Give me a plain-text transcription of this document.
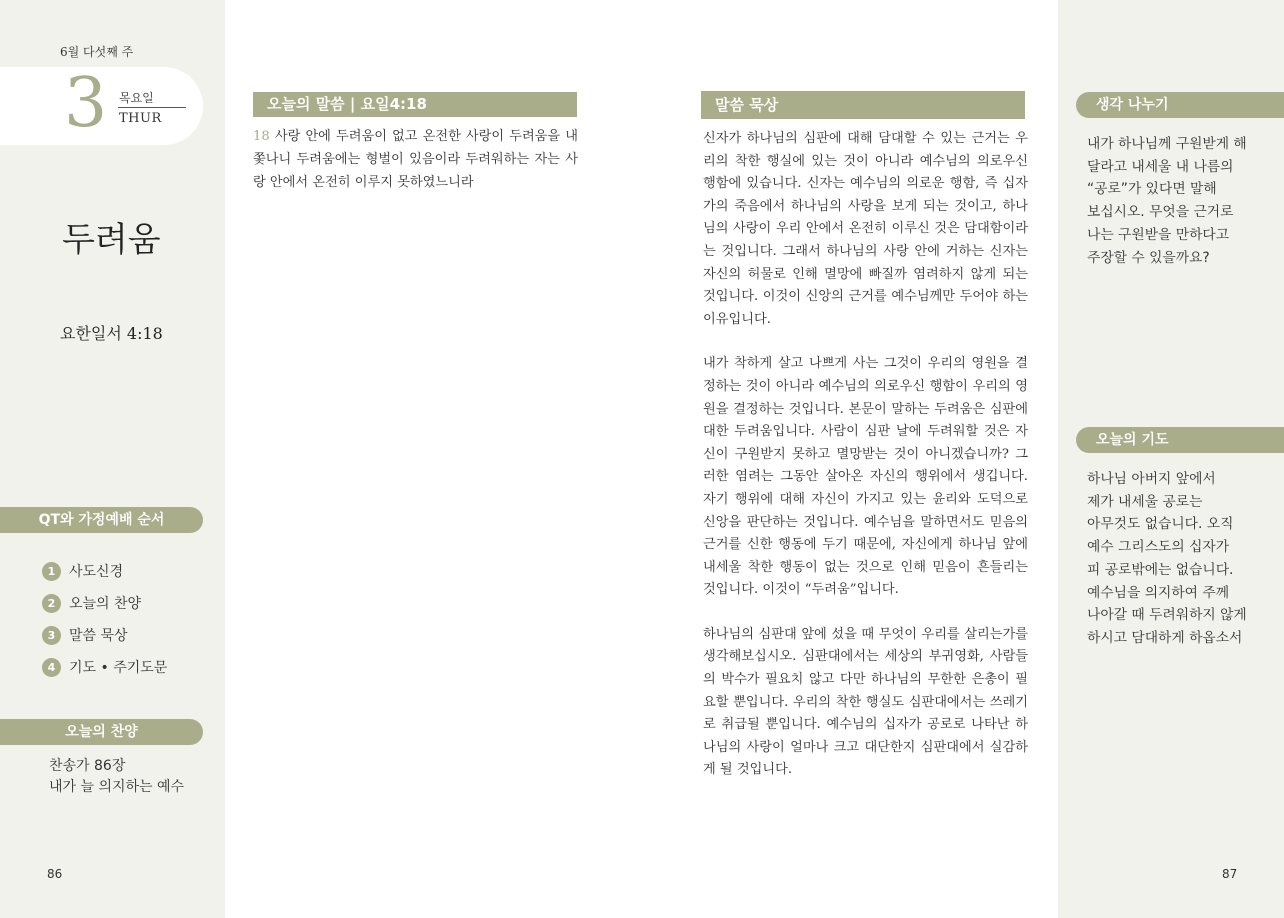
6월 다섯째 주
3 목요일
THUR
두려움
요한일서 4:18
QT와 가정예배 순서
1 사도신경
2 오늘의 찬양
3 말씀 묵상
4 기도 • 주기도문
오늘의 찬양
찬송가 86장
내가 늘 의지하는 예수
86
오늘의 말씀 | 요일4:18
18 사랑 안에 두려움이 없고 온전한 사랑이 두려움을 내쫓나니 두려움에는 형벌이 있음이라 두려워하는 자는 사랑 안에서 온전히 이루지 못하였느니라
말씀 묵상

신자가 하나님의 심판에 대해 담대할 수 있는 근거는 우리의 착한 행실에 있는 것이 아니라 예수님의 의로우신 행함에 있습니다. 신자는 예수님의 의로운 행함, 즉 십자가의 죽음에서 하나님의 사랑을 보게 되는 것이고, 하나님의 사랑이 우리 안에서 온전히 이루신 것은 담대함이라는 것입니다. 그래서 하나님의 사랑 안에 거하는 신자는 자신의 허물로 인해 멸망에 빠질까 염려하지 않게 되는 것입니다. 이것이 신앙의 근거를 예수님께만 두어야 하는 이유입니다.

내가 착하게 살고 나쁘게 사는 그것이 우리의 영원을 결정하는 것이 아니라 예수님의 의로우신 행함이 우리의 영원을 결정하는 것입니다. 본문이 말하는 두려움은 심판에 대한 두려움입니다. 사람이 심판 날에 두려워할 것은 자신이 구원받지 못하고 멸망받는 것이 아니겠습니까? 그러한 염려는 그동안 살아온 자신의 행위에서 생깁니다. 자기 행위에 대해 자신이 가지고 있는 윤리와 도덕으로 신앙을 판단하는 것입니다. 예수님을 말하면서도 믿음의 근거를 신한 행동에 두기 때문에, 자신에게 하나님 앞에 내세울 착한 행동이 없는 것으로 인해 믿음이 흔들리는 것입니다. 이것이 “두려움”입니다.

하나님의 심판대 앞에 섰을 때 무엇이 우리를 살리는가를 생각해보십시오. 심판대에서는 세상의 부귀영화, 사람들의 박수가 필요치 않고 다만 하나님의 무한한 은총이 필요할 뿐입니다. 우리의 착한 행실도 심판대에서는 쓰레기로 취급될 뿐입니다. 예수님의 십자가 공로로 나타난 하나님의 사랑이 얼마나 크고 대단한지 심판대에서 실감하게 될 것입니다.

생각 나누기
내가 하나님께 구원받게 해
달라고 내세울 내 나름의
“공로”가 있다면 말해
보십시오. 무엇을 근거로
나는 구원받을 만하다고
주장할 수 있을까요?
오늘의 기도
하나님 아버지 앞에서
제가 내세울 공로는
아무것도 없습니다. 오직
예수 그리스도의 십자가
피 공로밖에는 없습니다.
예수님을 의지하여 주께
나아갈 때 두려워하지 않게
하시고 담대하게 하옵소서
87
